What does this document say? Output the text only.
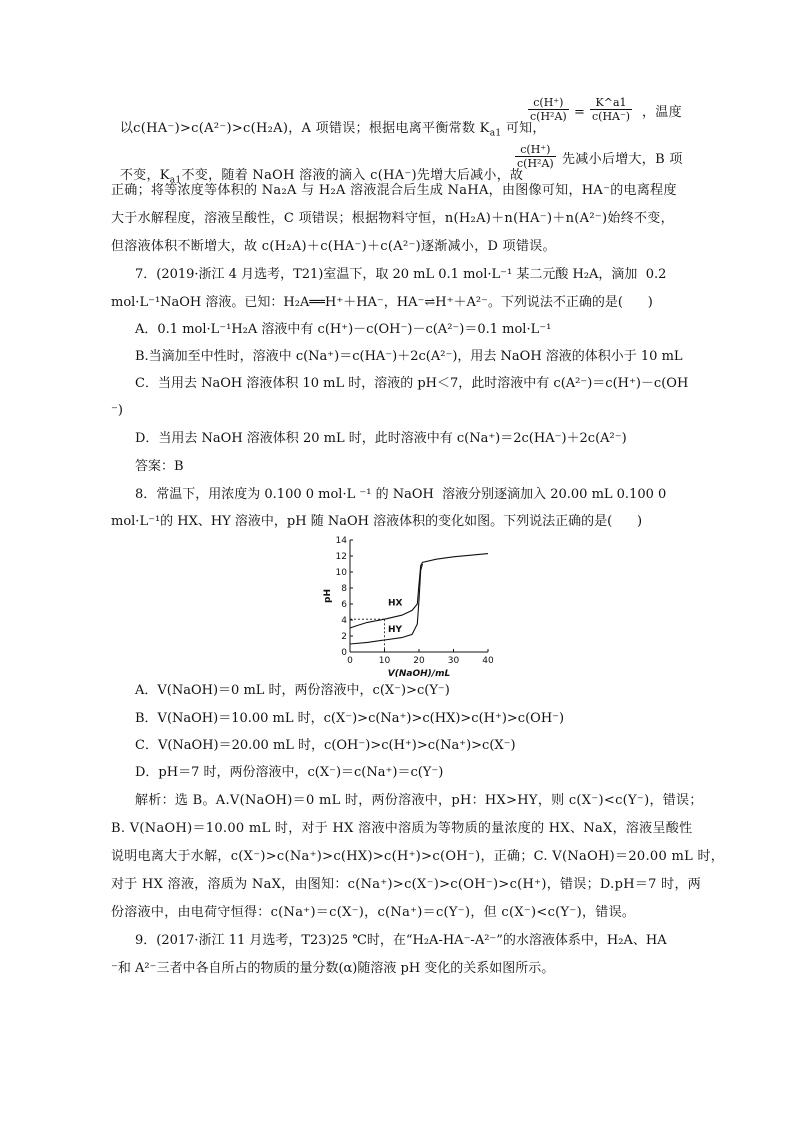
以c(HA⁻)>c(A²⁻)>c(H₂A)，A 项错误；根据电离平衡常数 $K_{a1}$ 可知，

$\frac{c(H^+)}{\text{c(H²A)}} = \frac{K\^{}a1}{c(HA^-)}$ ，温度

不变，$K_{a1}$不变，随着 NaOH 溶液的滴入 c(HA⁻)先增大后减小，故

$\frac{c(H^+)}{\text{c(H²A)}}$ 先减小后增大，B 项
正确；将等浓度等体积的 Na₂A 与 H₂A 溶液混合后生成 NaHA，由图像可知，HA⁻的电离程度
大于水解程度，溶液呈酸性，C 项错误；根据物料守恒，n(H₂A)＋n(HA⁻)＋n(A²⁻)始终不变，
但溶液体积不断增大，故 c(H₂A)＋c(HA⁻)＋c(A²⁻)逐渐减小，D 项错误。
7．(2019·浙江 4 月选考，T21)室温下，取 20 mL 0.1 mol·L⁻¹ 某二元酸 H₂A，滴加  0.2
mol·L⁻¹NaOH 溶液。已知：H₂A══H⁺＋HA⁻，HA⁻⇌H⁺＋A²⁻。下列说法不正确的是(      )
A．0.1 mol·L⁻¹H₂A 溶液中有 c(H⁺)－c(OH⁻)－c(A²⁻)＝0.1 mol·L⁻¹
B.当滴加至中性时，溶液中 c(Na⁺)＝c(HA⁻)＋2c(A²⁻)，用去 NaOH 溶液的体积小于 10 mL
C．当用去 NaOH 溶液体积 10 mL 时，溶液的 pH＜7，此时溶液中有 c(A²⁻)＝c(H⁺)－c(OH
⁻)
D．当用去 NaOH 溶液体积 20 mL 时，此时溶液中有 c(Na⁺)＝2c(HA⁻)＋2c(A²⁻)
答案：B
8．常温下，用浓度为 0.100 0 mol·L ⁻¹ 的 NaOH  溶液分别逐滴加入 20.00 mL 0.100 0
mol·L⁻¹的 HX、HY 溶液中，pH 随 NaOH 溶液体积的变化如图。下列说法正确的是(      )
0	10	20	30	40
0
2
4
6
8
10
12
14
V(NaOH)/mL
pH
HX
HY
A．V(NaOH)＝0 mL 时，两份溶液中，c(X⁻)>c(Y⁻)
B．V(NaOH)＝10.00 mL 时，c(X⁻)>c(Na⁺)>c(HX)>c(H⁺)>c(OH⁻)
C．V(NaOH)＝20.00 mL 时，c(OH⁻)>c(H⁺)>c(Na⁺)>c(X⁻)
D．pH＝7 时，两份溶液中，c(X⁻)＝c(Na⁺)＝c(Y⁻)
解析：选 B。A.V(NaOH)＝0 mL 时，两份溶液中，pH：HX>HY，则 c(X⁻)<c(Y⁻)，错误；
B. V(NaOH)＝10.00 mL 时，对于 HX 溶液中溶质为等物质的量浓度的 HX、NaX，溶液呈酸性
说明电离大于水解，c(X⁻)>c(Na⁺)>c(HX)>c(H⁺)>c(OH⁻)，正确；C. V(NaOH)＝20.00 mL 时，
对于 HX 溶液，溶质为 NaX，由图知：c(Na⁺)>c(X⁻)>c(OH⁻)>c(H⁺)，错误；D.pH＝7 时，两
份溶液中，由电荷守恒得：c(Na⁺)＝c(X⁻)，c(Na⁺)＝c(Y⁻)，但 c(X⁻)<c(Y⁻)，错误。
9．(2017·浙江 11 月选考，T23)25 ℃时，在“H₂A-HA⁻-A²⁻”的水溶液体系中，H₂A、HA
⁻和 A²⁻三者中各自所占的物质的量分数(α)随溶液 pH 变化的关系如图所示。
